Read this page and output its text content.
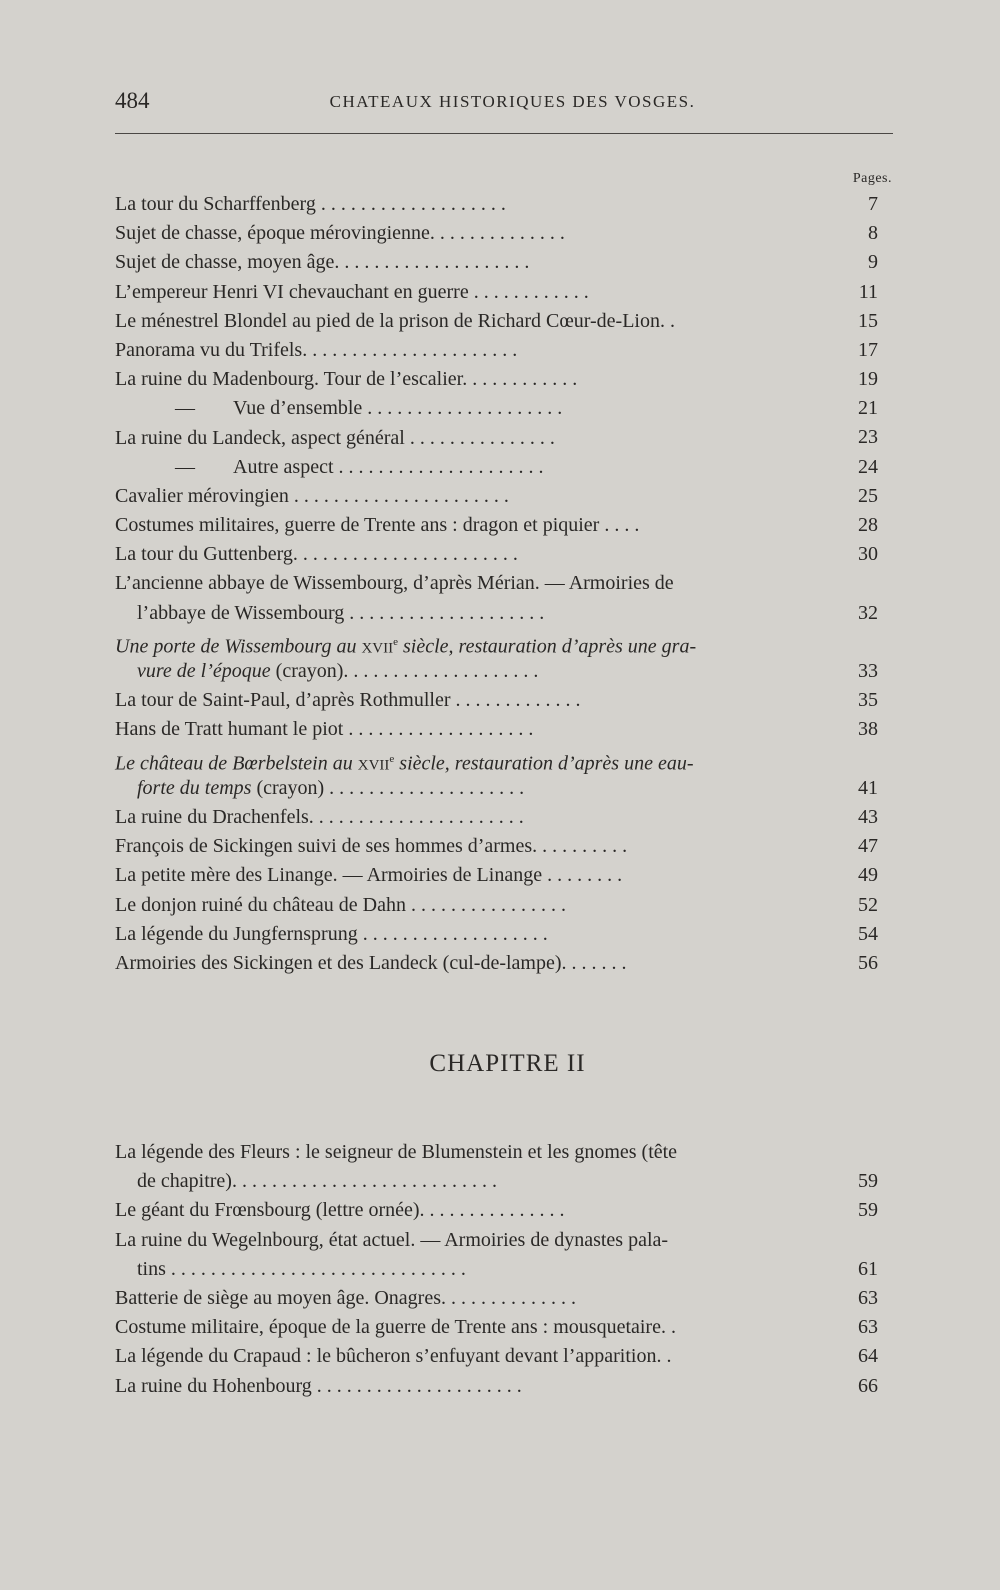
484	CHATEAUX HISTORIQUES DES VOSGES.
Pages.
La tour du Scharffenberg . . . . . . . . . . . . . . . . . . .	7
Sujet de chasse, époque mérovingienne. . . . . . . . . . . . . .	8
Sujet de chasse, moyen âge. . . . . . . . . . . . . . . . . . . .	9
L’empereur Henri VI chevauchant en guerre . . . . . . . . . . . .	11
Le ménestrel Blondel au pied de la prison de Richard Cœur-de-Lion. .	15
Panorama vu du Trifels. . . . . . . . . . . . . . . . . . . . . .	17
La ruine du Madenbourg. Tour de l’escalier. . . . . . . . . . . .	19
— Vue d’ensemble . . . . . . . . . . . . . . . . . . . .	21
La ruine du Landeck, aspect général . . . . . . . . . . . . . . .	23
— Autre aspect . . . . . . . . . . . . . . . . . . . . .	24
Cavalier mérovingien . . . . . . . . . . . . . . . . . . . . . .	25
Costumes militaires, guerre de Trente ans : dragon et piquier . . . .	28
La tour du Guttenberg. . . . . . . . . . . . . . . . . . . . . . .	30
L’ancienne abbaye de Wissembourg, d’après Mérian. — Armoiries de
l’abbaye de Wissembourg . . . . . . . . . . . . . . . . . . . .	32
Une porte de Wissembourg au XVIIe siècle, restauration d’après une gra-
vure de l’époque (crayon). . . . . . . . . . . . . . . . . . . .	33
La tour de Saint-Paul, d’après Rothmuller . . . . . . . . . . . . .	35
Hans de Tratt humant le piot . . . . . . . . . . . . . . . . . . .	38
Le château de Bœrbelstein au XVIIe siècle, restauration d’après une eau-
forte du temps (crayon) . . . . . . . . . . . . . . . . . . . .	41
La ruine du Drachenfels. . . . . . . . . . . . . . . . . . . . . .	43
François de Sickingen suivi de ses hommes d’armes. . . . . . . . . .	47
La petite mère des Linange. — Armoiries de Linange . . . . . . . .	49
Le donjon ruiné du château de Dahn . . . . . . . . . . . . . . . .	52
La légende du Jungfernsprung . . . . . . . . . . . . . . . . . . .	54
Armoiries des Sickingen et des Landeck (cul-de-lampe). . . . . . .	56
CHAPITRE II
La légende des Fleurs : le seigneur de Blumenstein et les gnomes (tête
de chapitre). . . . . . . . . . . . . . . . . . . . . . . . . . .	59
Le géant du Frœnsbourg (lettre ornée). . . . . . . . . . . . . . .	59
La ruine du Wegelnbourg, état actuel. — Armoiries de dynastes pala-
tins . . . . . . . . . . . . . . . . . . . . . . . . . . . . . .	61
Batterie de siège au moyen âge. Onagres. . . . . . . . . . . . . .	63
Costume militaire, époque de la guerre de Trente ans : mousquetaire. .	63
La légende du Crapaud : le bûcheron s’enfuyant devant l’apparition. .	64
La ruine du Hohenbourg . . . . . . . . . . . . . . . . . . . . .	66
